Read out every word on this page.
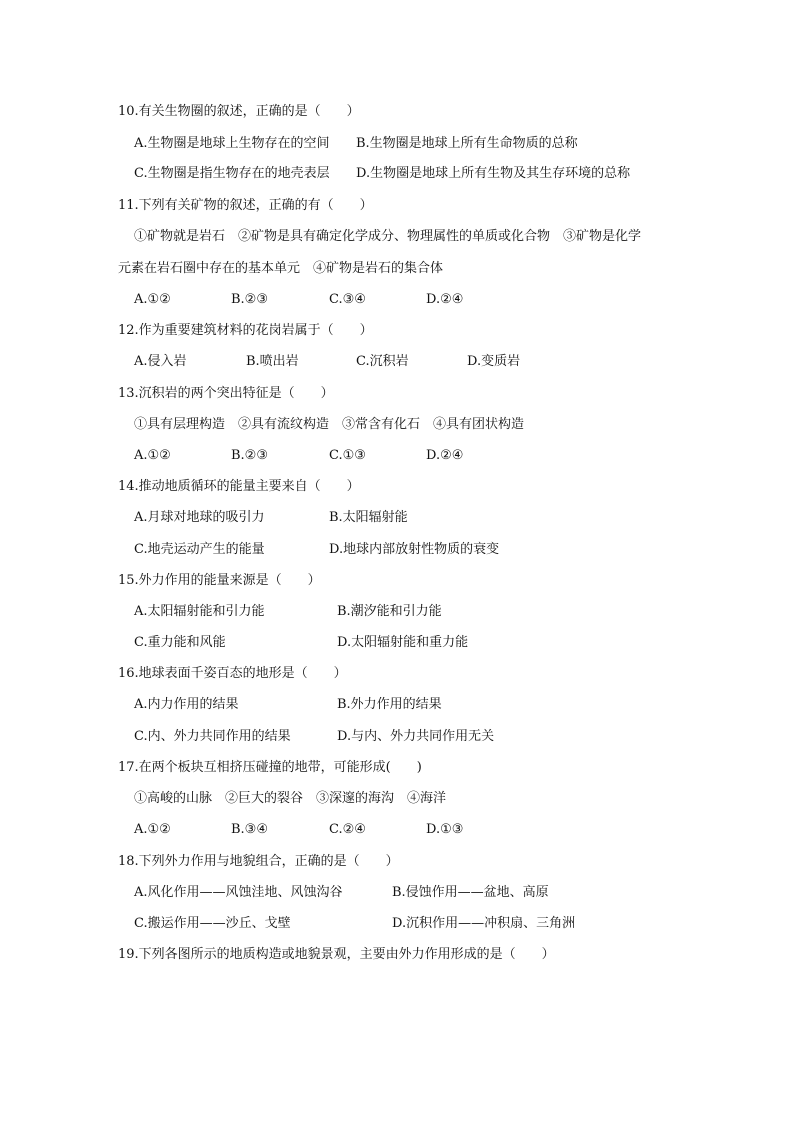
10.有关生物圈的叙述，正确的是（　　）
A.生物圈是地球上生物存在的空间 B.生物圈是地球上所有生命物质的总称
C.生物圈是指生物存在的地壳表层 D.生物圈是地球上所有生物及其生存环境的总称
11.下列有关矿物的叙述，正确的有（　　）
①矿物就是岩石　②矿物是具有确定化学成分、物理属性的单质或化合物　③矿物是化学
元素在岩石圈中存在的基本单元　④矿物是岩石的集合体
A.①②	B.②③	C.③④	D.②④
12.作为重要建筑材料的花岗岩属于（　　）
A.侵入岩	B.喷出岩	C.沉积岩	D.变质岩
13.沉积岩的两个突出特征是（　　）
①具有层理构造　②具有流纹构造　③常含有化石　④具有团状构造
A.①②	B.②③	C.①③	D.②④
14.推动地质循环的能量主要来自（　　）
A.月球对地球的吸引力	B.太阳辐射能
C.地壳运动产生的能量	D.地球内部放射性物质的衰变
15.外力作用的能量来源是（　　）
A.太阳辐射能和引力能	B.潮汐能和引力能
C.重力能和风能	D.太阳辐射能和重力能
16.地球表面千姿百态的地形是（　　）
A.内力作用的结果	B.外力作用的结果
C.内、外力共同作用的结果	D.与内、外力共同作用无关
17.在两个板块互相挤压碰撞的地带，可能形成(　　)
①高峻的山脉　②巨大的裂谷　③深邃的海沟　④海洋
A.①②	B.③④	C.②④	D.①③
18.下列外力作用与地貌组合，正确的是（　　）
A.风化作用——风蚀洼地、风蚀沟谷	B.侵蚀作用——盆地、高原
C.搬运作用——沙丘、戈壁	D.沉积作用——冲积扇、三角洲
19.下列各图所示的地质构造或地貌景观，主要由外力作用形成的是（　　）
